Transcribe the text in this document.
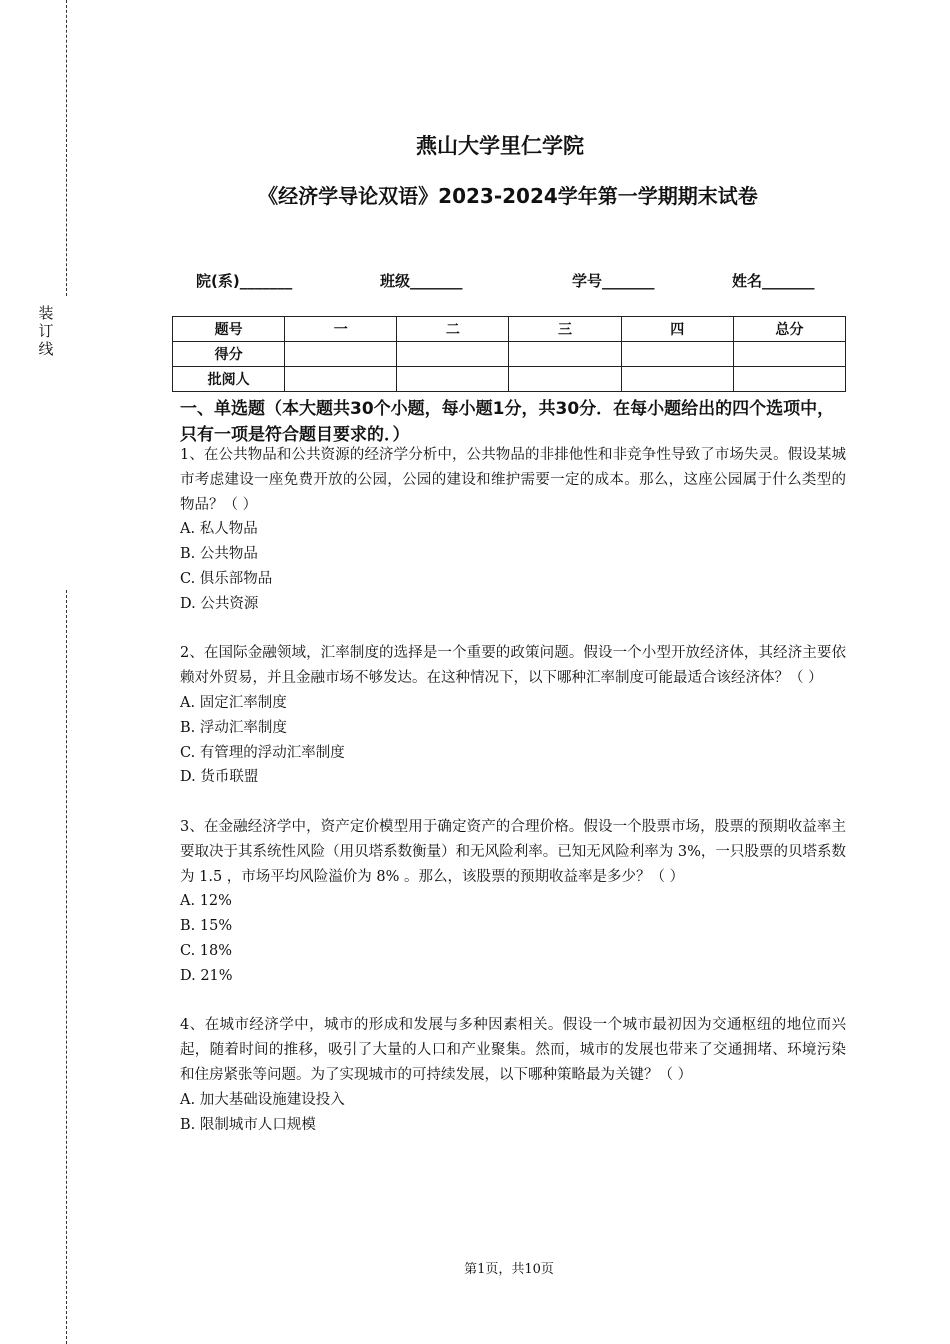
装
订
线
燕山大学里仁学院
《经济学导论双语》2023-2024学年第一学期期末试卷
院(系)_______	班级_______	学号_______	姓名_______
题号	一	二	三	四	总分
得分					
批阅人					
一、单选题（本大题共30个小题，每小题1分，共30分．在每小题给出的四个选项中，只有一项是符合题目要求的．）

1、在公共物品和公共资源的经济学分析中，公共物品的非排他性和非竞争性导致了市场失灵。假设某城市考虑建设一座免费开放的公园，公园的建设和维护需要一定的成本。那么，这座公园属于什么类型的物品？（ ）

A. 私人物品

B. 公共物品

C. 俱乐部物品

D. 公共资源

2、在国际金融领域，汇率制度的选择是一个重要的政策问题。假设一个小型开放经济体，其经济主要依赖对外贸易，并且金融市场不够发达。在这种情况下，以下哪种汇率制度可能最适合该经济体？（ ）

A. 固定汇率制度

B. 浮动汇率制度

C. 有管理的浮动汇率制度

D. 货币联盟

3、在金融经济学中，资产定价模型用于确定资产的合理价格。假设一个股票市场，股票的预期收益率主要取决于其系统性风险（用贝塔系数衡量）和无风险利率。已知无风险利率为 3%，一只股票的贝塔系数为 1.5 ，市场平均风险溢价为 8% 。那么，该股票的预期收益率是多少？（ ）

A. 12%

B. 15%

C. 18%

D. 21%

4、在城市经济学中，城市的形成和发展与多种因素相关。假设一个城市最初因为交通枢纽的地位而兴起，随着时间的推移，吸引了大量的人口和产业聚集。然而，城市的发展也带来了交通拥堵、环境污染和住房紧张等问题。为了实现城市的可持续发展，以下哪种策略最为关键？（ ）

A. 加大基础设施建设投入

B. 限制城市人口规模

第1页，共10页
